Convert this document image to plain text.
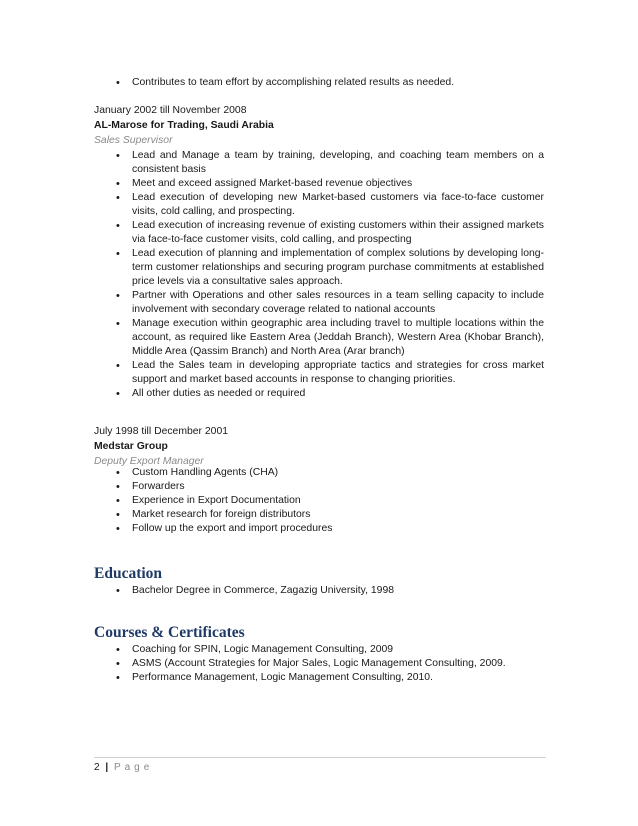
• Contributes to team effort by accomplishing related results as needed.
January 2002 till November 2008
AL-Marose for Trading, Saudi Arabia
Sales Supervisor
• Lead and Manage a team by training, developing, and coaching team members on a consistent basis
• Meet and exceed assigned Market-based revenue objectives
• Lead execution of developing new Market-based customers via face-to-face customer visits, cold calling, and prospecting.
• Lead execution of increasing revenue of existing customers within their assigned markets via face-to-face customer visits, cold calling, and prospecting
• Lead execution of planning and implementation of complex solutions by developing long-term customer relationships and securing program purchase commitments at established price levels via a consultative sales approach.
• Partner with Operations and other sales resources in a team selling capacity to include involvement with secondary coverage related to national accounts
• Manage execution within geographic area including travel to multiple locations within the account, as required like Eastern Area (Jeddah Branch), Western Area (Khobar Branch), Middle Area (Qassim Branch) and North Area (Arar branch)
• Lead the Sales team in developing appropriate tactics and strategies for cross market support and market based accounts in response to changing priorities.
• All other duties as needed or required
July 1998 till December 2001
Medstar Group
Deputy Export Manager
• Custom Handling Agents (CHA)
• Forwarders
• Experience in Export Documentation
• Market research for foreign distributors
• Follow up the export and import procedures
Education
• Bachelor Degree in Commerce, Zagazig University, 1998
Courses & Certificates
• Coaching for SPIN, Logic Management Consulting, 2009
• ASMS (Account Strategies for Major Sales, Logic Management Consulting, 2009.
• Performance Management, Logic Management Consulting, 2010.
2 | Page
